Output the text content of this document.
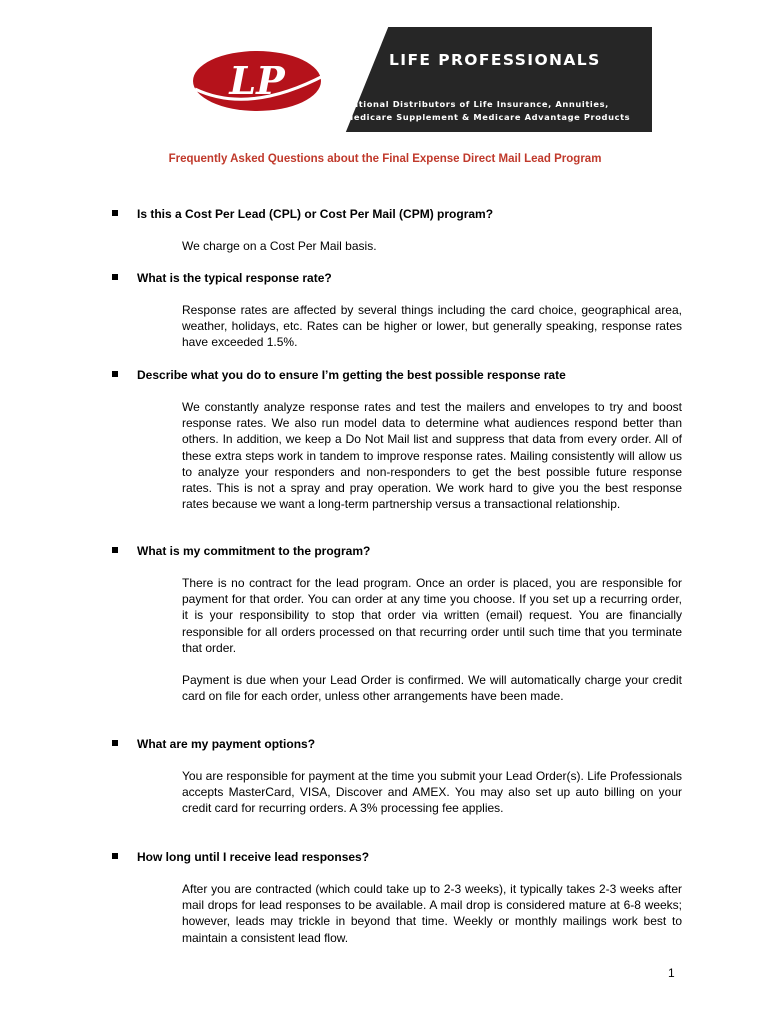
LP	LIFE PROFESSIONALS
National Distributors of Life Insurance, Annuities,
Medicare Supplement & Medicare Advantage Products
Frequently Asked Questions about the Final Expense Direct Mail Lead Program
Is this a Cost Per Lead (CPL) or Cost Per Mail (CPM) program?
We charge on a Cost Per Mail basis.
What is the typical response rate?
Response rates are affected by several things including the card choice, geographical area, weather, holidays, etc. Rates can be higher or lower, but generally speaking, response rates have exceeded 1.5%.
Describe what you do to ensure I’m getting the best possible response rate
We constantly analyze response rates and test the mailers and envelopes to try and boost response rates. We also run model data to determine what audiences respond better than others. In addition, we keep a Do Not Mail list and suppress that data from every order. All of these extra steps work in tandem to improve response rates. Mailing consistently will allow us to analyze your responders and non-responders to get the best possible future response rates. This is not a spray and pray operation. We work hard to give you the best response rates because we want a long-term partnership versus a transactional relationship.
What is my commitment to the program?
There is no contract for the lead program. Once an order is placed, you are responsible for payment for that order. You can order at any time you choose. If you set up a recurring order, it is your responsibility to stop that order via written (email) request. You are financially responsible for all orders processed on that recurring order until such time that you terminate that order.
Payment is due when your Lead Order is confirmed. We will automatically charge your credit card on file for each order, unless other arrangements have been made.
What are my payment options?
You are responsible for payment at the time you submit your Lead Order(s). Life Professionals accepts MasterCard, VISA, Discover and AMEX. You may also set up auto billing on your credit card for recurring orders. A 3% processing fee applies.
How long until I receive lead responses?
After you are contracted (which could take up to 2-3 weeks), it typically takes 2-3 weeks after mail drops for lead responses to be available. A mail drop is considered mature at 6-8 weeks; however, leads may trickle in beyond that time. Weekly or monthly mailings work best to maintain a consistent lead flow.
1
